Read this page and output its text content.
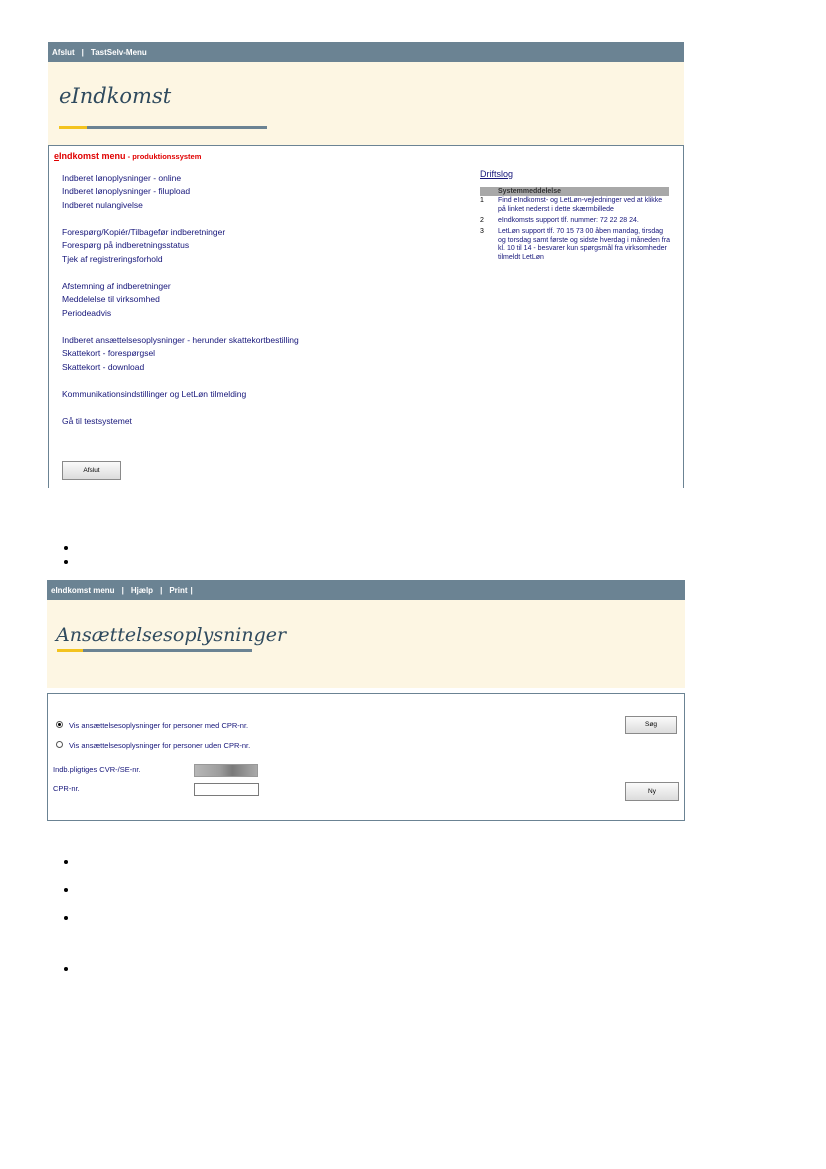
Afslut | TastSelv-Menu
eIndkomst
eIndkomst menu - produktionssystem
Indberet lønoplysninger - online
Indberet lønoplysninger - filupload
Indberet nulangivelse
Forespørg/Kopiér/Tilbagefør indberetninger
Forespørg på indberetningsstatus
Tjek af registreringsforhold
Afstemning af indberetninger
Meddelelse til virksomhed
Periodeadvis
Indberet ansættelsesoplysninger - herunder skattekortbestilling
Skattekort - forespørgsel
Skattekort - download
Kommunikationsindstillinger og LetLøn tilmelding
Gå til testsystemet
Afslut
Driftslog
Systemmeddelelse
1	Find eIndkomst- og LetLøn-vejledninger ved at klikke på linket nederst i dette skærmbillede
2	eIndkomsts support tlf. nummer: 72 22 28 24.
3	LetLøn support tlf. 70 15 73 00 åben mandag, tirsdag og torsdag samt første og sidste hverdag i måneden fra kl. 10 til 14 - besvarer kun spørgsmål fra virksomheder tilmeldt LetLøn
eIndkomst menu | Hjælp | Print |
Ansættelsesoplysninger
Vis ansættelsesoplysninger for personer med CPR-nr.
Vis ansættelsesoplysninger for personer uden CPR-nr.
Indb.pligtiges CVR-/SE-nr.
CPR-nr.
Søg
Ny
